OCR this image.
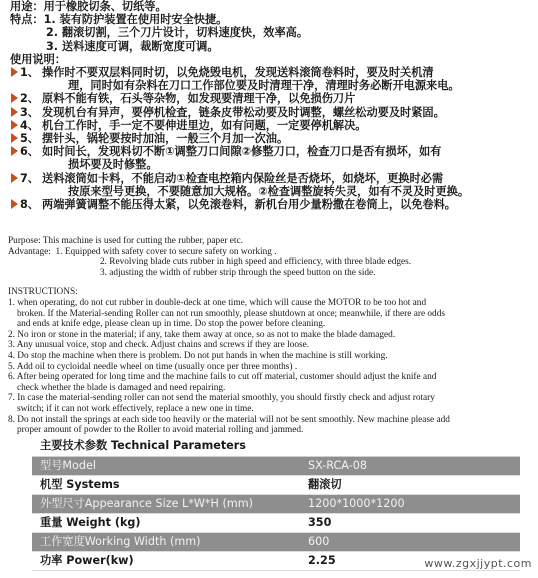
用途：用于橡胶切条、切纸等。
特点：1. 装有防护装置在使用时安全快捷。
2. 翻滚切割，三个刀片设计，切料速度快，效率高。
3. 送料速度可调，裁断宽度可调。
使用说明：
1、 操作时不要双层料同时切，以免烧毁电机，发现送料滚筒卷料时，要及时关机清
理，同时如有杂料在刀口工作部位要及时清理干净，清理时务必断开电源来电。
2、 原料不能有铁，石头等杂物，如发现要清理干净，以免损伤刀片
3、 发现机台有异声，要停机检查，链条皮带松动要及时调整，螺丝松动要及时紧固。
4、 机台工作时，手一定不要伸进里边，如有问题，一定要停机解决。
5、 摆针头，锅轮要按时加油，一般三个月加一次油。
6、 如时间长，发现料切不断①调整刀口间隙②修整刀口，检查刀口是否有损坏，如有
损坏要及时修整。
7、 送料滚筒如卡料，不能启动①检查电控箱内保险丝是否烧坏，如烧坏，更换时必需
按原来型号更换，不要随意加大规格。②检查调整旋转失灵，如有不灵及时更换。
8、 两端弹簧调整不能压得太紧，以免滚卷料，新机台用少量粉撒在卷筒上，以免卷料。
Purpose: This machine is used for cutting the rubber, paper etc.
Advantage: 1. Equipped with safety cover to secure safety on working .
2. Revolving blade cuts rubber in high speed and efficiency, with three blade edges.
3. adjusting the width of rubber strip through the speed button on the side.
INSTRUCTIONS:
1. when operating, do not cut rubber in double-deck at one time, which will cause the MOTOR to be too hot and
broken. If the Material-sending Roller can not run smoothly, please shutdown at once; meanwhile, if there are odds
and ends at knife edge, please clean up in time. Do stop the power before cleaning.
2. No iron or stone in the material; if any, take them away at once, so as not to make the blade damaged.
3. Any unusual voice, stop and check. Adjust chains and screws if they are loose.
4. Do stop the machine when there is problem. Do not put hands in when the machine is still working.
5. Add oil to cycloidal needle wheel on time (usually once per three months) .
6. After being operated for long time and the machine fails to cut off material, customer should adjust the knife and
check whether the blade is damaged and need repairing.
7. In case the material-sending roller can not send the material smoothly, you should firstly check and adjust rotary
switch; if it can not work effectively, replace a new one in time.
8. Do not install the springs at each side too heavily or the material will not be sent smoothly. New machine please add
proper amount of powder to the Roller to avoid material rolling and jammed.
主要技术参数 Technical Parameters
型号Model	SX-RCA-08
机型 Systems	翻滚切
外型尺寸Appearance Size L*W*H (mm)	1200*1000*1200
重量 Weight (kg)	350
工作宽度Working Width (mm)	600
功率 Power(kw)	2.25	www.zgxjjypt.com
